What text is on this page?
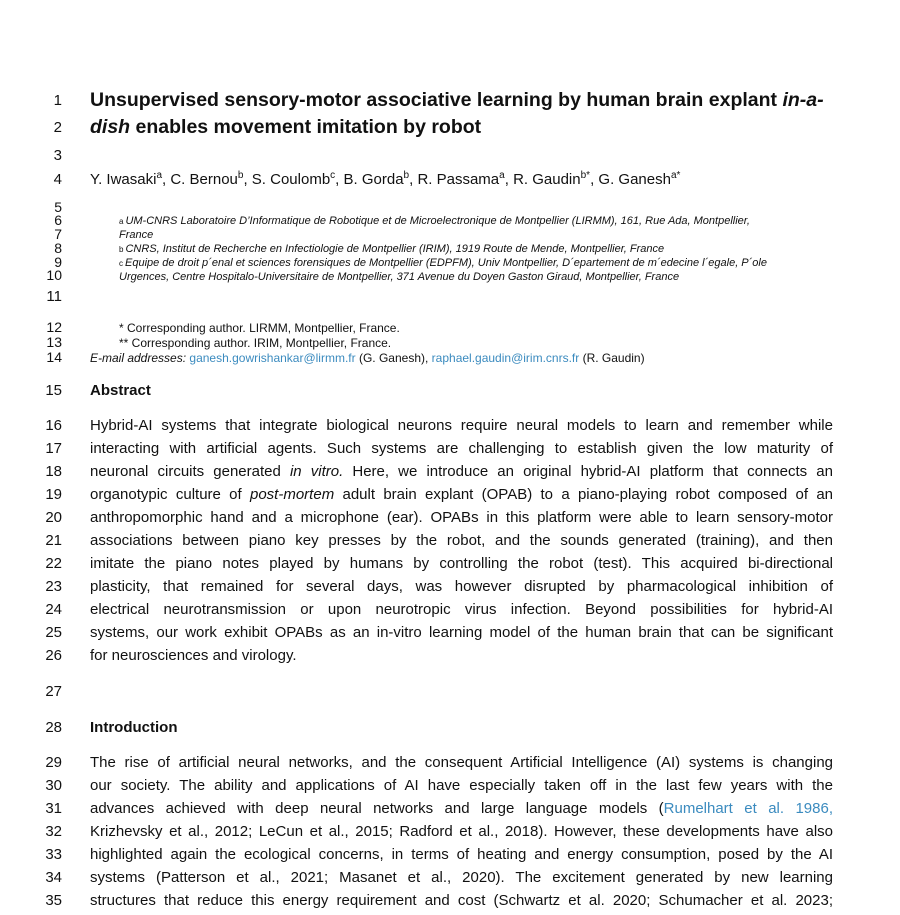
1
2
3
4
5
6
7
8
9
10
11
12
13
14
15
16
17
18
19
20
21
22
23
24
25
26
27
28
29
30
31
32
33
34
35
Unsupervised sensory-motor associative learning by human brain explant in-a-
dish enables movement imitation by robot
Y. Iwasaki$^a$, C. Bernou$^b$, S. Coulomb$^c$, B. Gorda$^b$, R. Passama$^a$, R. Gaudin$^{b*}$, G. Ganesh$^{a*}$
a UM-CNRS Laboratoire D’Informatique de Robotique et de Microelectronique de Montpellier (LIRMM), 161, Rue Ada, Montpellier,
France
b CNRS, Institut de Recherche en Infectiologie de Montpellier (IRIM), 1919 Route de Mende, Montpellier, France
c Equipe de droit p´enal et sciences forensiques de Montpellier (EDPFM), Univ Montpellier, D´epartement de m´edecine l´egale, P´ole
Urgences, Centre Hospitalo-Universitaire de Montpellier, 371 Avenue du Doyen Gaston Giraud, Montpellier, France
* Corresponding author. LIRMM, Montpellier, France.
** Corresponding author. IRIM, Montpellier, France.
E-mail addresses: ganesh.gowrishankar@lirmm.fr (G. Ganesh), raphael.gaudin@irim.cnrs.fr (R. Gaudin)
Abstract
Hybrid-AI systems that integrate biological neurons require neural models to learn and remember while
interacting with artificial agents. Such systems are challenging to establish given the low maturity of
neuronal circuits generated in vitro. Here, we introduce an original hybrid-AI platform that connects an
organotypic culture of post-mortem adult brain explant (OPAB) to a piano-playing robot composed of an
anthropomorphic hand and a microphone (ear). OPABs in this platform were able to learn sensory-motor
associations between piano key presses by the robot, and the sounds generated (training), and then
imitate the piano notes played by humans by controlling the robot (test). This acquired bi-directional
plasticity, that remained for several days, was however disrupted by pharmacological inhibition of
electrical neurotransmission or upon neurotropic virus infection. Beyond possibilities for hybrid-AI
systems, our work exhibit OPABs as an in-vitro learning model of the human brain that can be significant
for neurosciences and virology.
Introduction
The rise of artificial neural networks, and the consequent Artificial Intelligence (AI) systems is changing
our society. The ability and applications of AI have especially taken off in the last few years with the
advances achieved with deep neural networks and large language models (Rumelhart et al. 1986,
Krizhevsky et al., 2012; LeCun et al., 2015; Radford et al., 2018). However, these developments have also
highlighted again the ecological concerns, in terms of heating and energy consumption, posed by the AI
systems (Patterson et al., 2021; Masanet et al., 2020). The excitement generated by new learning
structures that reduce this energy requirement and cost (Schwartz et al. 2020; Schumacher et al. 2023;
